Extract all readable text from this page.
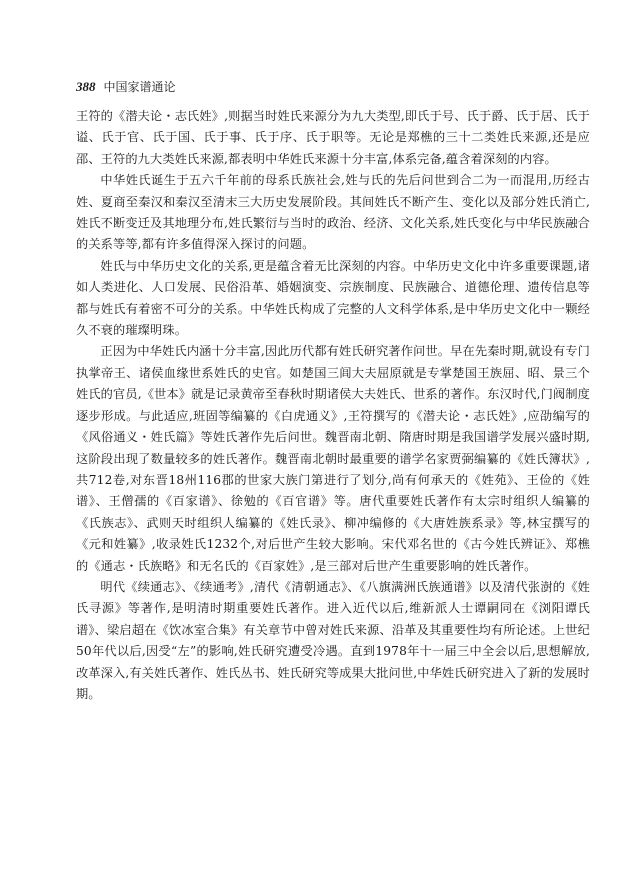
388 中国家谱通论

王符的《潜夫论・志氏姓》,则据当时姓氏来源分为九大类型,即氏于号、氏于爵、氏于居、氏于谥、氏于官、氏于国、氏于事、氏于序、氏于职等。无论是郑樵的三十二类姓氏来源,还是应邵、王符的九大类姓氏来源,都表明中华姓氏来源十分丰富,体系完备,蕴含着深刻的内容。

中华姓氏诞生于五六千年前的母系氏族社会,姓与氏的先后问世到合二为一而混用,历经古姓、夏商至秦汉和秦汉至清末三大历史发展阶段。其间姓氏不断产生、变化以及部分姓氏消亡,姓氏不断变迁及其地理分布,姓氏繁衍与当时的政治、经济、文化关系,姓氏变化与中华民族融合的关系等等,都有许多值得深入探讨的问题。

姓氏与中华历史文化的关系,更是蕴含着无比深刻的内容。中华历史文化中许多重要课题,诸如人类进化、人口发展、民俗沿革、婚姻演变、宗族制度、民族融合、道德伦理、遗传信息等都与姓氏有着密不可分的关系。中华姓氏构成了完整的人文科学体系,是中华历史文化中一颗经久不衰的璀璨明珠。

正因为中华姓氏内涵十分丰富,因此历代都有姓氏研究著作问世。早在先秦时期,就设有专门执掌帝王、诸侯血缘世系姓氏的史官。如楚国三闾大夫屈原就是专掌楚国王族屈、昭、景三个姓氏的官员,《世本》就是记录黄帝至春秋时期诸侯大夫姓氏、世系的著作。东汉时代,门阀制度逐步形成。与此适应,班固等编纂的《白虎通义》,王符撰写的《潜夫论・志氏姓》,应劭编写的《风俗通义・姓氏篇》等姓氏著作先后问世。魏晋南北朝、隋唐时期是我国谱学发展兴盛时期,这阶段出现了数量较多的姓氏著作。魏晋南北朝时最重要的谱学名家贾弼编纂的《姓氏簿状》,共712卷,对东晋18州116郡的世家大族门第进行了划分,尚有何承天的《姓苑》、王俭的《姓谱》、王僧孺的《百家谱》、徐勉的《百官谱》等。唐代重要姓氏著作有太宗时组织人编纂的《氏族志》、武则天时组织人编纂的《姓氏录》、柳冲编修的《大唐姓族系录》等,林宝撰写的《元和姓纂》,收录姓氏1232个,对后世产生较大影响。宋代邓名世的《古今姓氏辨证》、郑樵的《通志・氏族略》和无名氏的《百家姓》,是三部对后世产生重要影响的姓氏著作。

明代《续通志》、《续通考》,清代《清朝通志》、《八旗满洲氏族通谱》以及清代张澍的《姓氏寻源》等著作,是明清时期重要姓氏著作。进入近代以后,维新派人士谭嗣同在《浏阳谭氏谱》、梁启超在《饮冰室合集》有关章节中曾对姓氏来源、沿革及其重要性均有所论述。上世纪50年代以后,因受“左”的影响,姓氏研究遭受冷遇。直到1978年十一届三中全会以后,思想解放,改革深入,有关姓氏著作、姓氏丛书、姓氏研究等成果大批问世,中华姓氏研究进入了新的发展时期。
